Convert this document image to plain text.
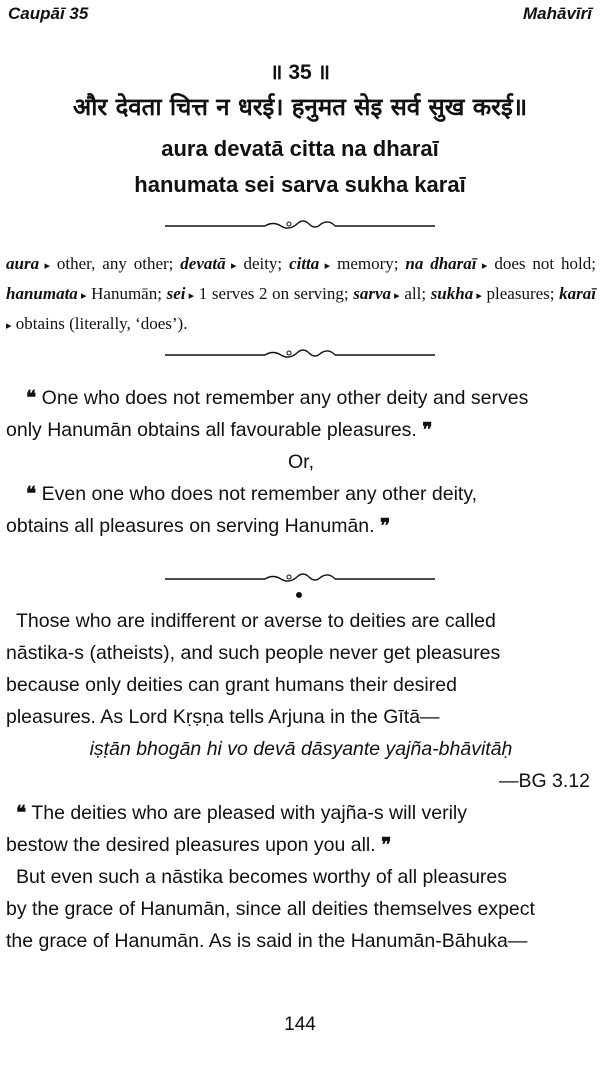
Caupāī 35	Mahāvīrī
॥ 35 ॥
और देवता चित्त न धरई। हनुमत सेइ सर्व सुख करई॥
aura devatā citta na dharaī
hanumata sei sarva sukha karaī
aura ▸ other, any other; devatā ▸ deity; citta ▸ memory; na dharaī ▸ does not hold; hanumata ▸ Hanumān; sei ▸ 1 serves 2 on serving; sarva ▸ all; sukha ▸ pleasures; karaī ▸ obtains (literally, ‘does’).
❝ One who does not remember any other deity and serves
only Hanumān obtains all favourable pleasures. ❞
Or,
❝ Even one who does not remember any other deity,
obtains all pleasures on serving Hanumān. ❞
Those who are indifferent or averse to deities are called
nāstika-s (atheists), and such people never get pleasures
because only deities can grant humans their desired
pleasures. As Lord Kṛṣṇa tells Arjuna in the Gītā—
iṣṭān bhogān hi vo devā dāsyante yajña-bhāvitāḥ
—BG 3.12
❝ The deities who are pleased with yajña-s will verily
bestow the desired pleasures upon you all. ❞
But even such a nāstika becomes worthy of all pleasures
by the grace of Hanumān, since all deities themselves expect
the grace of Hanumān. As is said in the Hanumān-Bāhuka—
144
